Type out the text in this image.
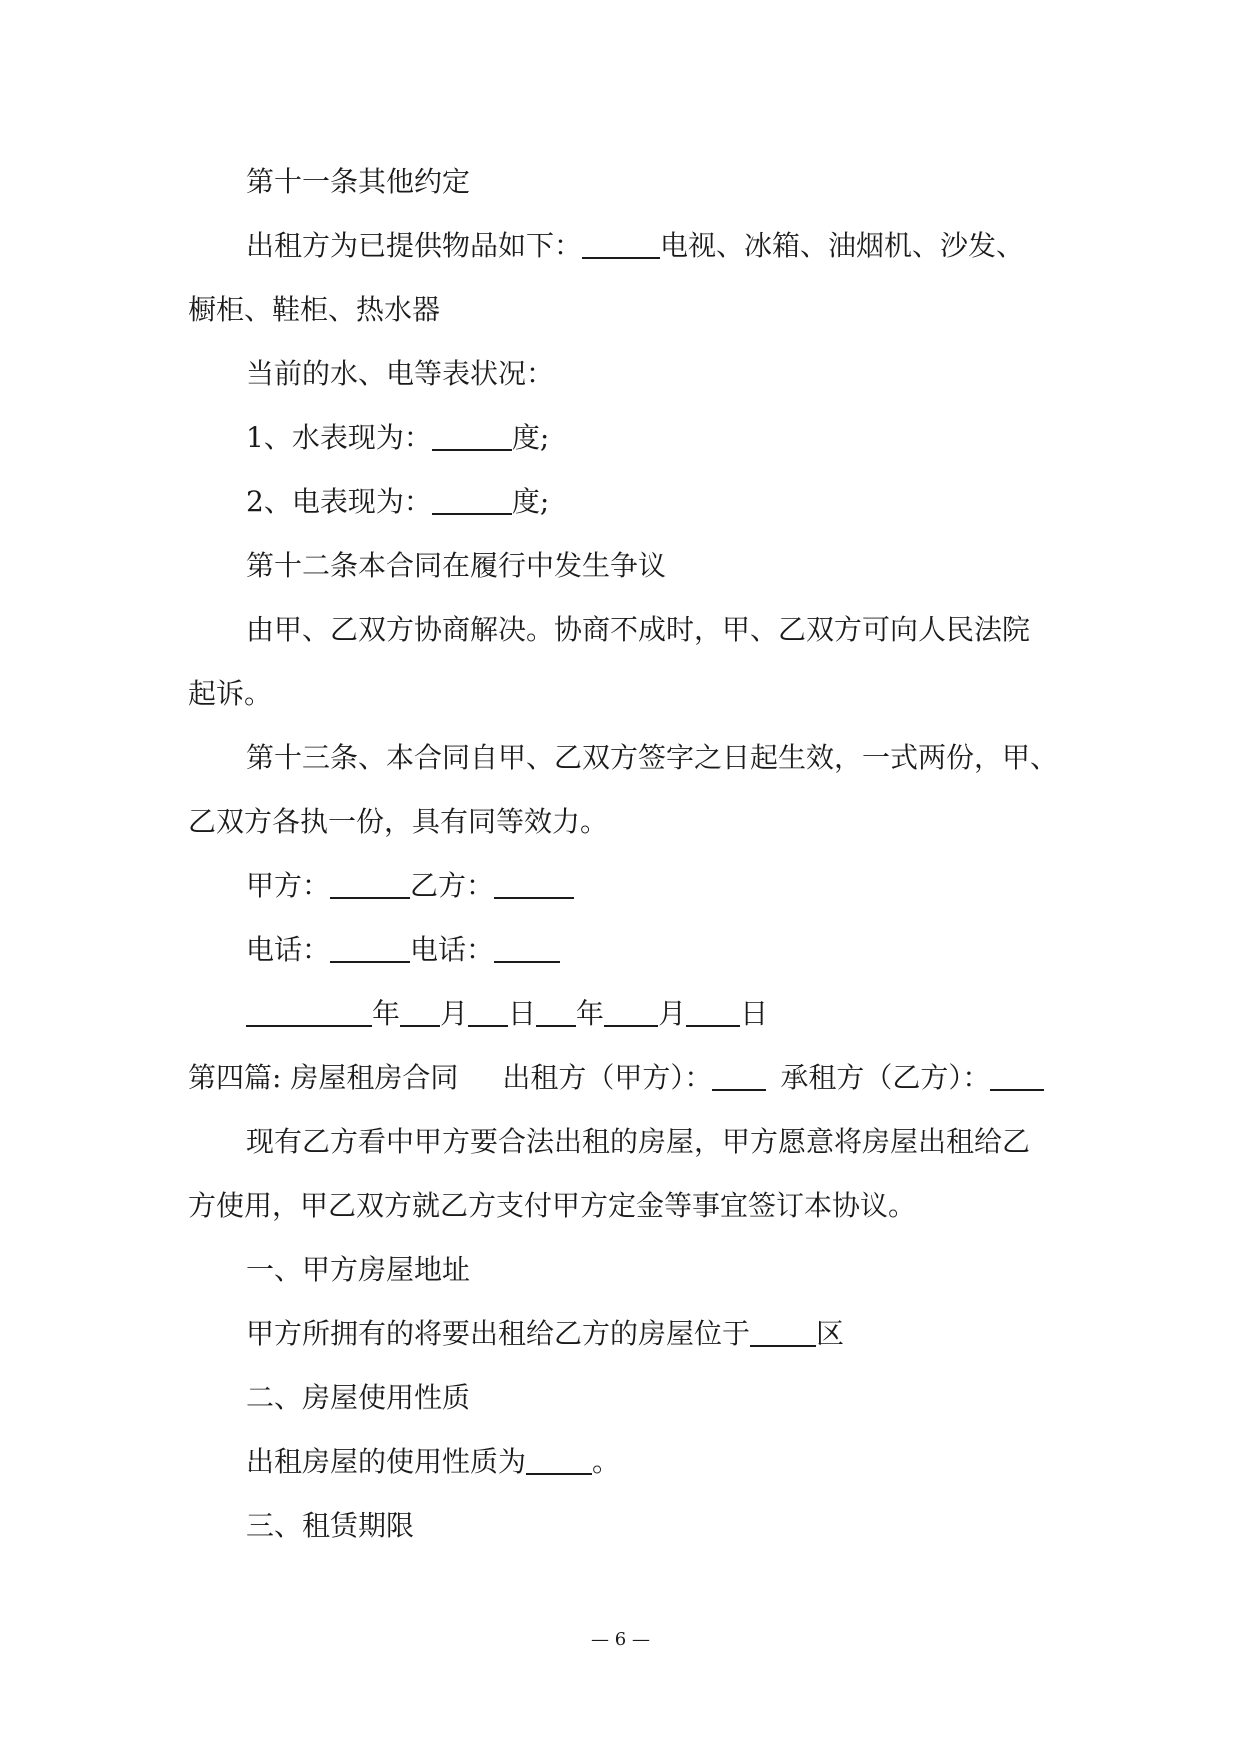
第十一条其他约定
出租方为已提供物品如下：	电视、冰箱、油烟机、沙发、
橱柜、鞋柜、热水器
当前的水、电等表状况：
1、水表现为：	度;
2、电表现为：	度;
第十二条本合同在履行中发生争议
由甲、乙双方协商解决。协商不成时，甲、乙双方可向人民法院
起诉。
第十三条、本合同自甲、乙双方签字之日起生效，一式两份，甲、
乙双方各执一份，具有同等效力。
甲方：	乙方：
电话：	电话：
年 月 日 年 月 日
第四篇: 房屋租房合同 出租方（甲方）： 承租方（乙方）：
现有乙方看中甲方要合法出租的房屋，甲方愿意将房屋出租给乙
方使用，甲乙双方就乙方支付甲方定金等事宜签订本协议。
一、甲方房屋地址
甲方所拥有的将要出租给乙方的房屋位于 区
二、房屋使用性质
出租房屋的使用性质为 。
三、租赁期限
— 6 —
